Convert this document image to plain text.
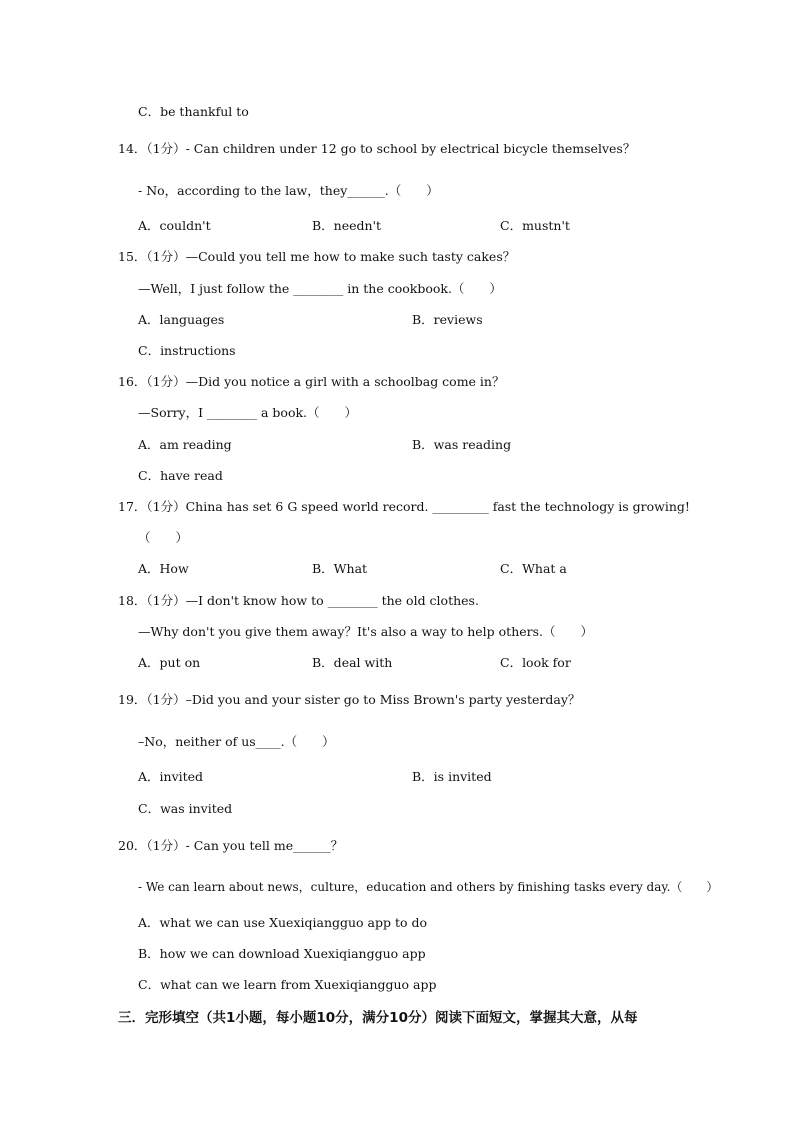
C．be thankful to
14．（1分）- Can children under 12 go to school by electrical bicycle themselves？
- No，according to the law，they______.（　　）
A．couldn't	B．needn't	C．mustn't
15．（1分）—Could you tell me how to make such tasty cakes？
—Well，I just follow the ________ in the cookbook.（　　）
A．languages	B．reviews
C．instructions
16．（1分）—Did you notice a girl with a schoolbag come in？
—Sorry，I ________ a book.（　　）
A．am reading	B．was reading
C．have read
17．（1分）China has set 6 G speed world record. _________ fast the technology is growing!
（　　）
A．How	B．What	C．What a
18．（1分）—I don't know how to ________ the old clothes.
—Why don't you give them away？It's also a way to help others.（　　）
A．put on	B．deal with	C．look for
19．（1分）–Did you and your sister go to Miss Brown's party yesterday？
–No，neither of us____.（　　）
A．invited	B．is invited
C．was invited
20．（1分）- Can you tell me______？
- We can learn about news，culture，education and others by finishing tasks every day.（　　）
A．what we can use Xuexiqiangguo app to do
B．how we can download Xuexiqiangguo app
C．what can we learn from Xuexiqiangguo app
三．完形填空（共1小题，每小题10分，满分10分）阅读下面短文，掌握其大意，从每
